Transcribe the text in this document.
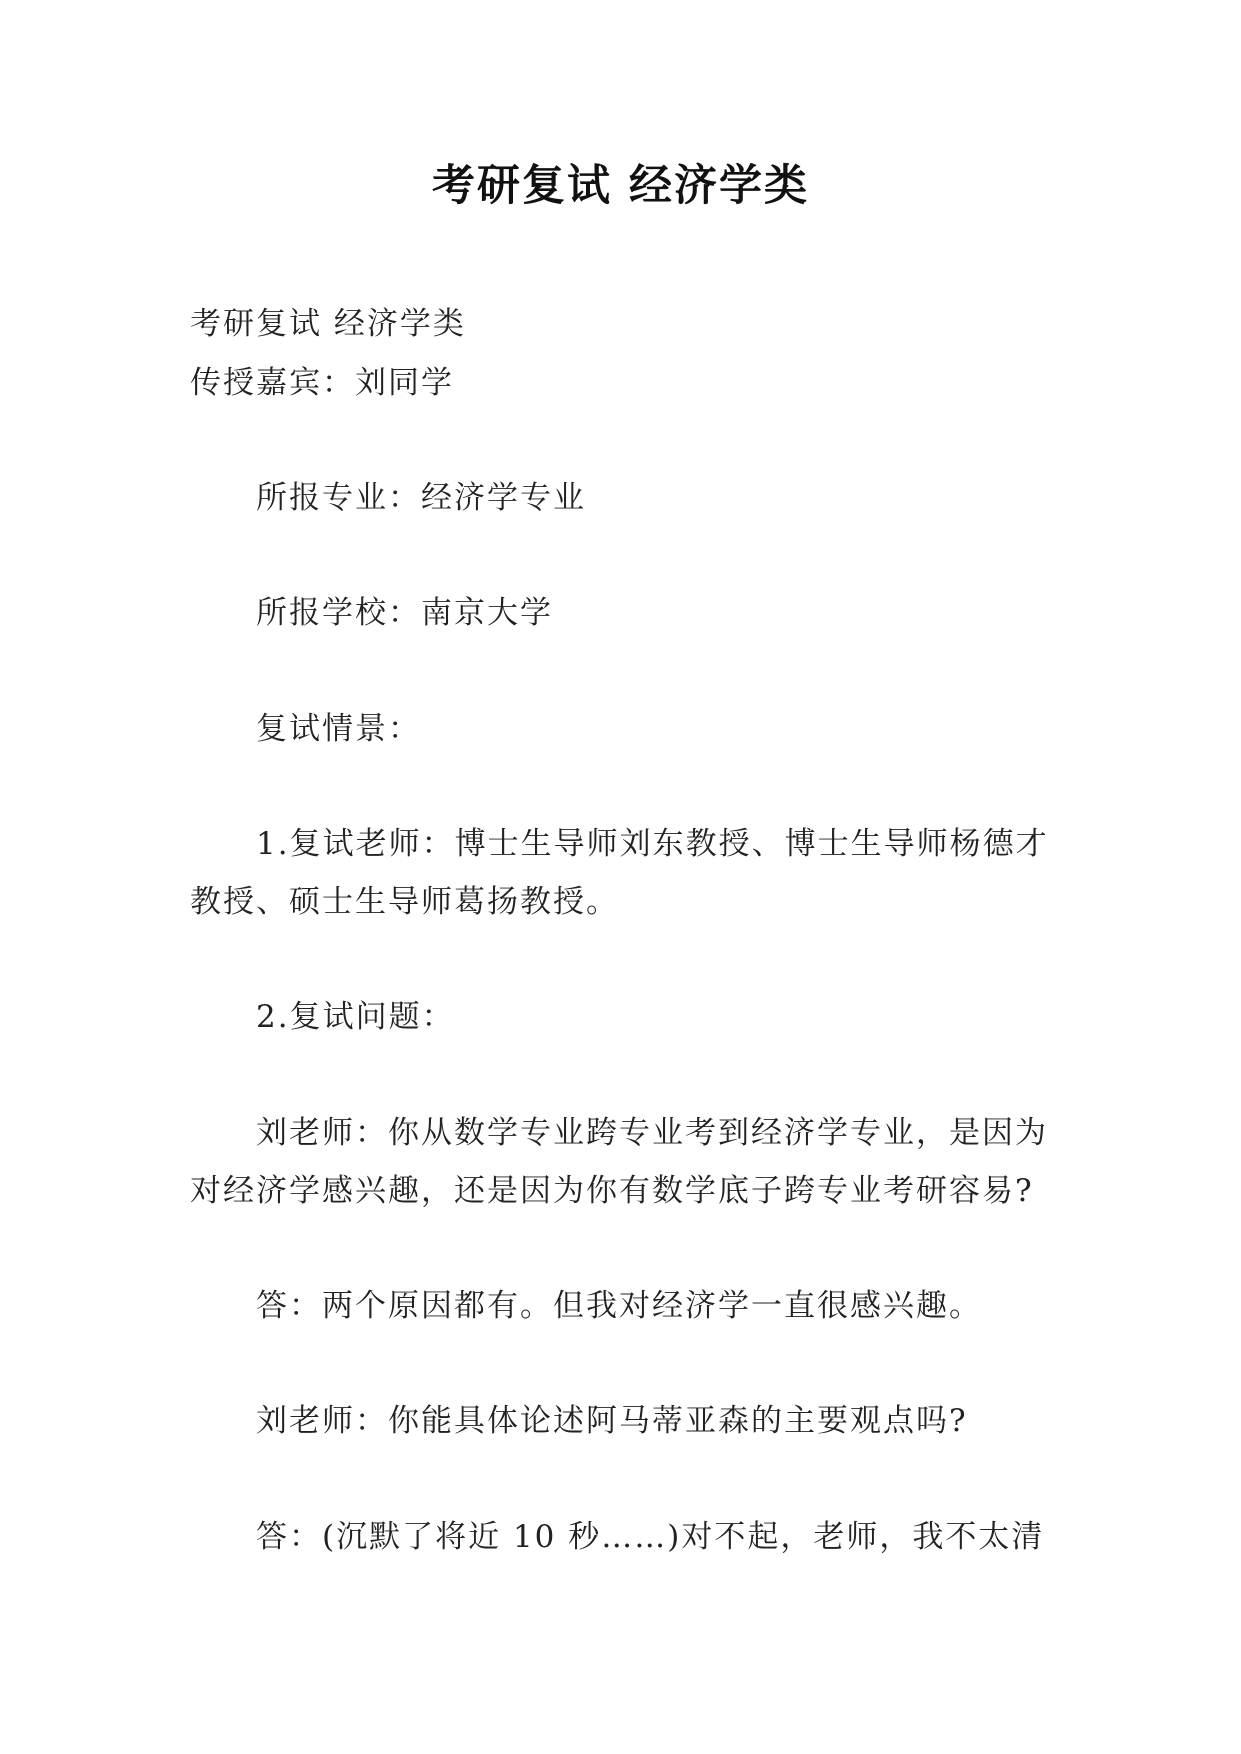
考研复试 经济学类
考研复试 经济学类
传授嘉宾：刘同学
所报专业：经济学专业
所报学校：南京大学
复试情景：
1.复试老师：博士生导师刘东教授、博士生导师杨德才
教授、硕士生导师葛扬教授。
2.复试问题：
刘老师：你从数学专业跨专业考到经济学专业，是因为
对经济学感兴趣，还是因为你有数学底子跨专业考研容易?
答：两个原因都有。但我对经济学一直很感兴趣。
刘老师：你能具体论述阿马蒂亚森的主要观点吗?
答：(沉默了将近 10 秒……)对不起，老师，我不太清
